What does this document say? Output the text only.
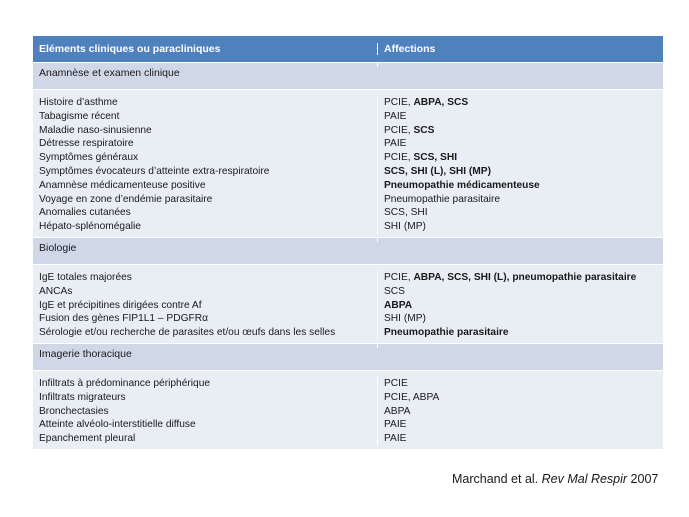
Eléments cliniques ou paracliniques	Affections
Anamnèse et examen clinique
Histoire d’asthme
Tabagisme récent
Maladie naso-sinusienne
Détresse respiratoire
Symptômes généraux
Symptômes évocateurs d’atteinte extra-respiratoire
Anamnèse médicamenteuse positive
Voyage en zone d’endémie parasitaire
Anomalies cutanées
Hépato-splénomégalie
PCIE, ABPA, SCS
PAIE
PCIE, SCS
PAIE
PCIE, SCS, SHI
SCS, SHI (L), SHI (MP)
Pneumopathie médicamenteuse
Pneumopathie parasitaire
SCS, SHI
SHI (MP)
Biologie
IgE totales majorées
ANCAs
IgE et précipitines dirigées contre Af
Fusion des gènes FIP1L1 – PDGFRα
Sérologie et/ou recherche de parasites et/ou œufs dans les selles
PCIE, ABPA, SCS, SHI (L), pneumopathie parasitaire
SCS
ABPA
SHI (MP)
Pneumopathie parasitaire
Imagerie thoracique
Infiltrats à prédominance périphérique
Infiltrats migrateurs
Bronchectasies
Atteinte alvéolo-interstitielle diffuse
Epanchement pleural
PCIE
PCIE, ABPA
ABPA
PAIE
PAIE
Marchand et al. Rev Mal Respir 2007
